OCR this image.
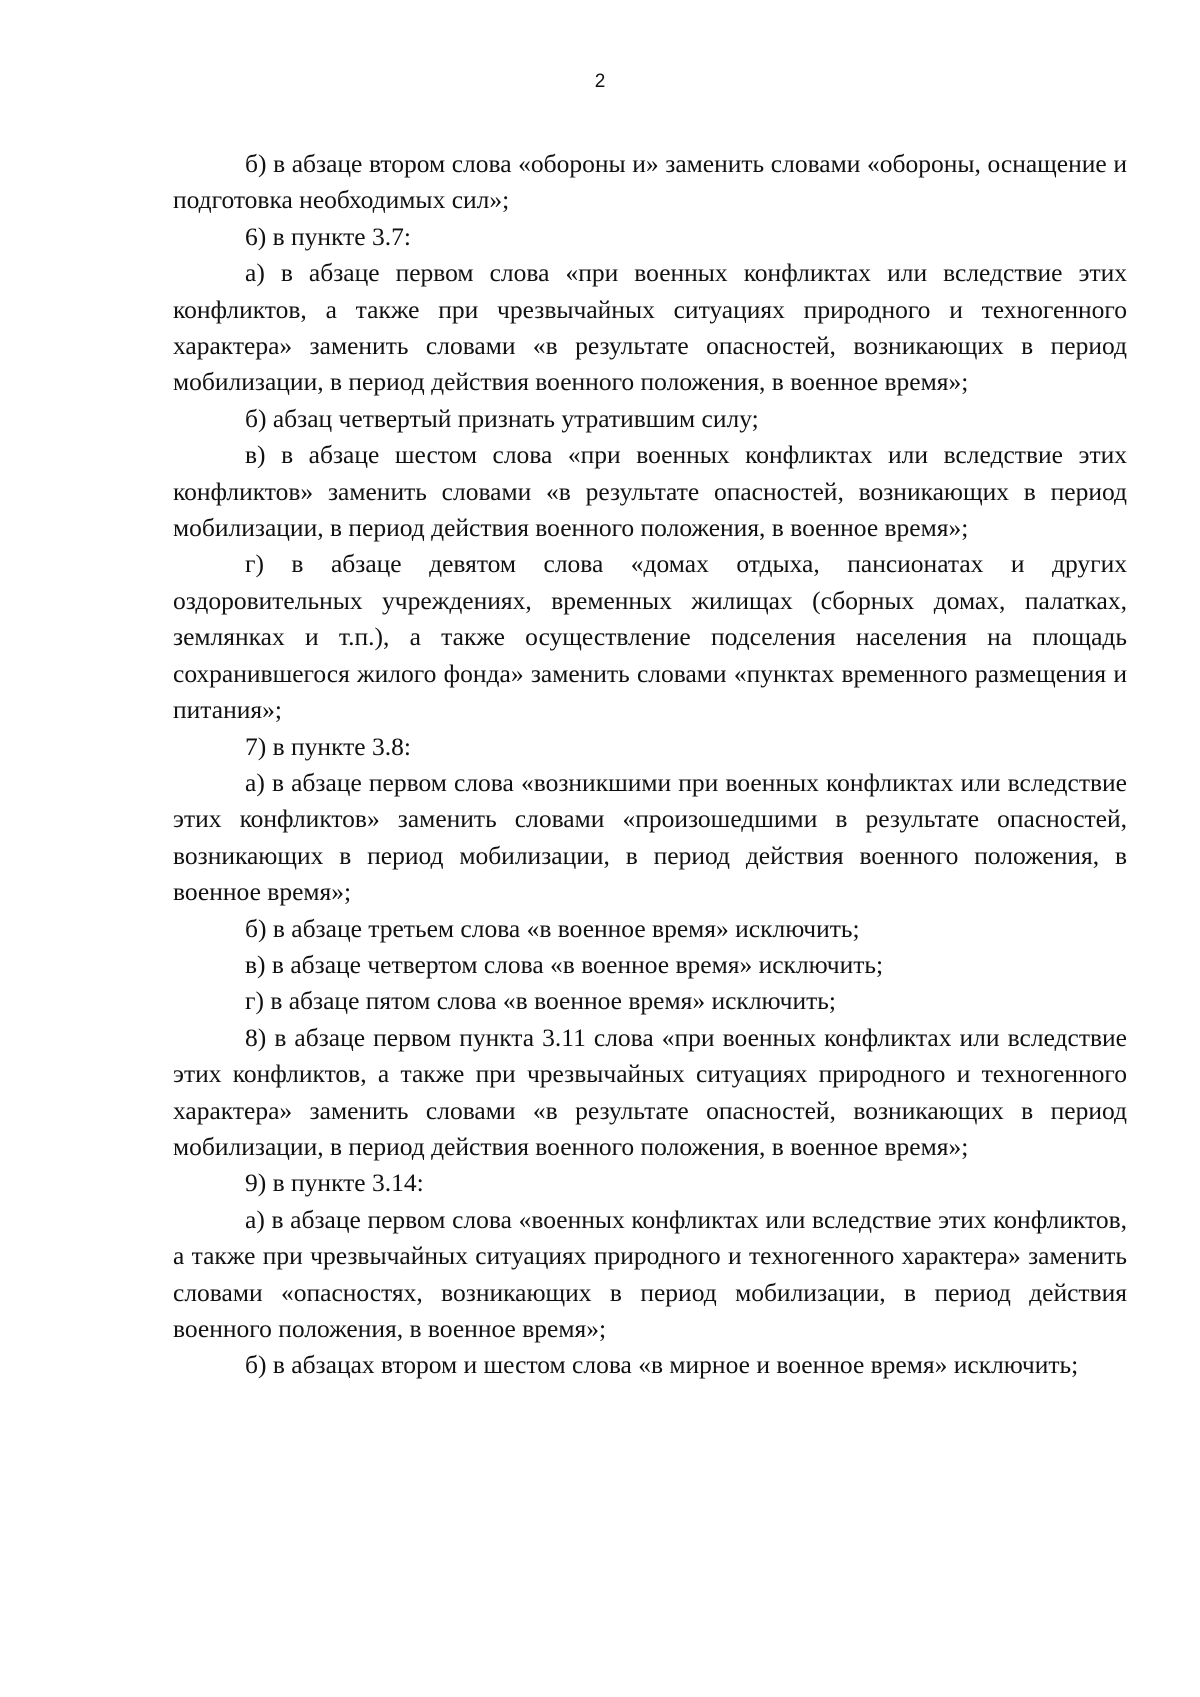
2

б) в абзаце втором слова «обороны и» заменить словами «обороны, оснащение и подготовка необходимых сил»;

6) в пункте 3.7:

а) в абзаце первом слова «при военных конфликтах или вследствие этих конфликтов, а также при чрезвычайных ситуациях природного и техногенного характера» заменить словами «в результате опасностей, возникающих в период мобилизации, в период действия военного положения, в военное время»;

б) абзац четвертый признать утратившим силу;

в) в абзаце шестом слова «при военных конфликтах или вследствие этих конфликтов» заменить словами «в результате опасностей, возникающих в период мобилизации, в период действия военного положения, в военное время»;

г) в абзаце девятом слова «домах отдыха, пансионатах и других оздоровительных учреждениях, временных жилищах (сборных домах, палатках, землянках и т.п.), а также осуществление подселения населения на площадь сохранившегося жилого фонда» заменить словами «пунктах временного размещения и питания»;

7) в пункте 3.8:

а) в абзаце первом слова «возникшими при военных конфликтах или вследствие этих конфликтов» заменить словами «произошедшими в результате опасностей, возникающих в период мобилизации, в период действия военного положения, в военное время»;

б) в абзаце третьем слова «в военное время» исключить;

в) в абзаце четвертом слова «в военное время» исключить;

г) в абзаце пятом слова «в военное время» исключить;

8) в абзаце первом пункта 3.11 слова «при военных конфликтах или вследствие этих конфликтов, а также при чрезвычайных ситуациях природного и техногенного характера» заменить словами «в результате опасностей, возникающих в период мобилизации, в период действия военного положения, в военное время»;

9) в пункте 3.14:

а) в абзаце первом слова «военных конфликтах или вследствие этих конфликтов, а также при чрезвычайных ситуациях природного и техногенного характера» заменить словами «опасностях, возникающих в период мобилизации, в период действия военного положения, в военное время»;

б) в абзацах втором и шестом слова «в мирное и военное время» исключить;
